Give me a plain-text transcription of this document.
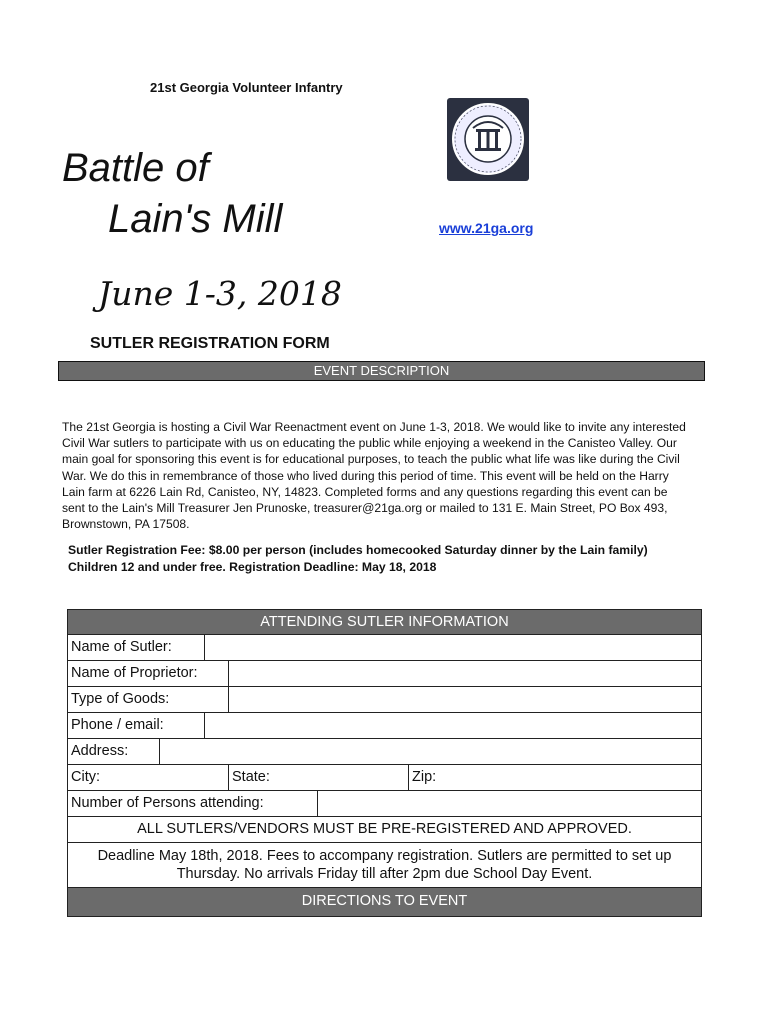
21st Georgia Volunteer Infantry
Battle of
Lain's Mill	www.21ga.org
June 1-3, 2018
SUTLER REGISTRATION FORM
EVENT DESCRIPTION
The 21st Georgia is hosting a Civil War Reenactment event on June 1-3, 2018. We would like to invite any interested Civil War sutlers to participate with us on educating the public while enjoying a weekend in the Canisteo Valley. Our main goal for sponsoring this event is for educational purposes, to teach the public what life was like during the Civil War. We do this in remembrance of those who lived during this period of time. This event will be held on the Harry Lain farm at 6226 Lain Rd, Canisteo, NY, 14823. Completed forms and any questions regarding this event can be sent to the Lain's Mill Treasurer Jen Prunoske, treasurer@21ga.org or mailed to 131 E. Main Street, PO Box 493, Brownstown, PA 17508.
Sutler Registration Fee: $8.00 per person (includes homecooked Saturday dinner by the Lain family)
Children 12 and under free. Registration Deadline: May 18, 2018
ATTENDING SUTLER INFORMATION
Name of Sutler:
Name of Proprietor:
Type of Goods:
Phone / email:
Address:
City:	State:	Zip:
Number of Persons attending:
ALL SUTLERS/VENDORS MUST BE PRE-REGISTERED AND APPROVED.
Deadline May 18th, 2018. Fees to accompany registration. Sutlers are permitted to set up
Thursday. No arrivals Friday till after 2pm due School Day Event.
DIRECTIONS TO EVENT
